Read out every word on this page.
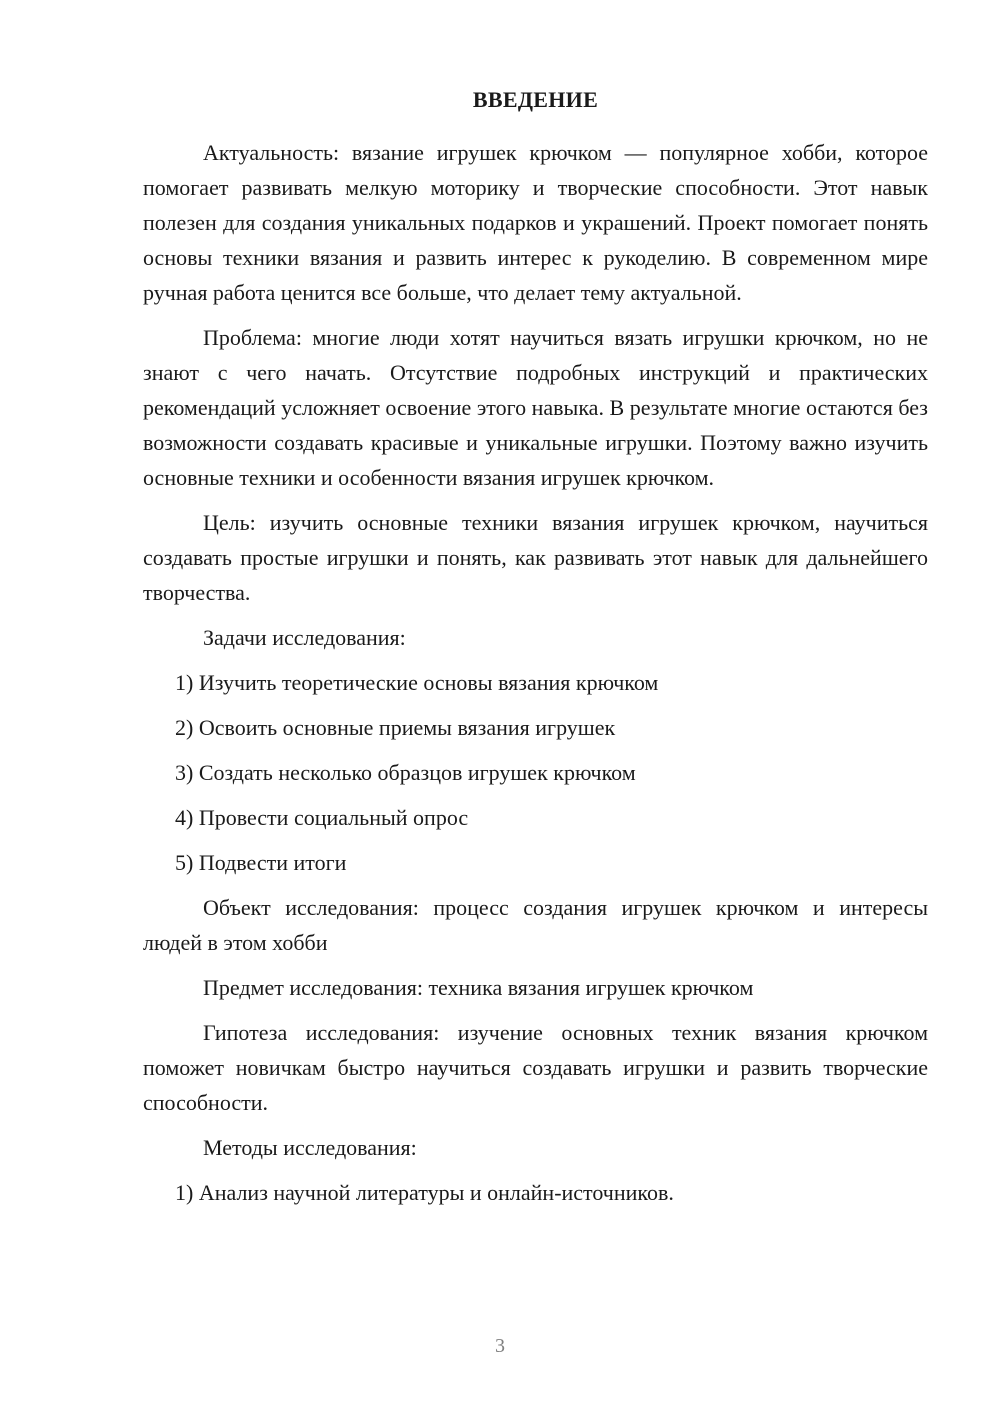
ВВЕДЕНИЕ

Актуальность: вязание игрушек крючком — популярное хобби, которое помогает развивать мелкую моторику и творческие способности. Этот навык полезен для создания уникальных подарков и украшений. Проект помогает понять основы техники вязания и развить интерес к рукоделию. В современном мире ручная работа ценится все больше, что делает тему актуальной.

Проблема: многие люди хотят научиться вязать игрушки крючком, но не знают с чего начать. Отсутствие подробных инструкций и практических рекомендаций усложняет освоение этого навыка. В результате многие остаются без возможности создавать красивые и уникальные игрушки. Поэтому важно изучить основные техники и особенности вязания игрушек крючком.

Цель: изучить основные техники вязания игрушек крючком, научиться создавать простые игрушки и понять, как развивать этот навык для дальнейшего творчества.

Задачи исследования:

1) Изучить теоретические основы вязания крючком

2) Освоить основные приемы вязания игрушек

3) Создать несколько образцов игрушек крючком

4) Провести социальный опрос

5) Подвести итоги

Объект исследования: процесс создания игрушек крючком и интересы людей в этом хобби

Предмет исследования: техника вязания игрушек крючком

Гипотеза исследования: изучение основных техник вязания крючком поможет новичкам быстро научиться создавать игрушки и развить творческие способности.

Методы исследования:

1) Анализ научной литературы и онлайн-источников.

3
